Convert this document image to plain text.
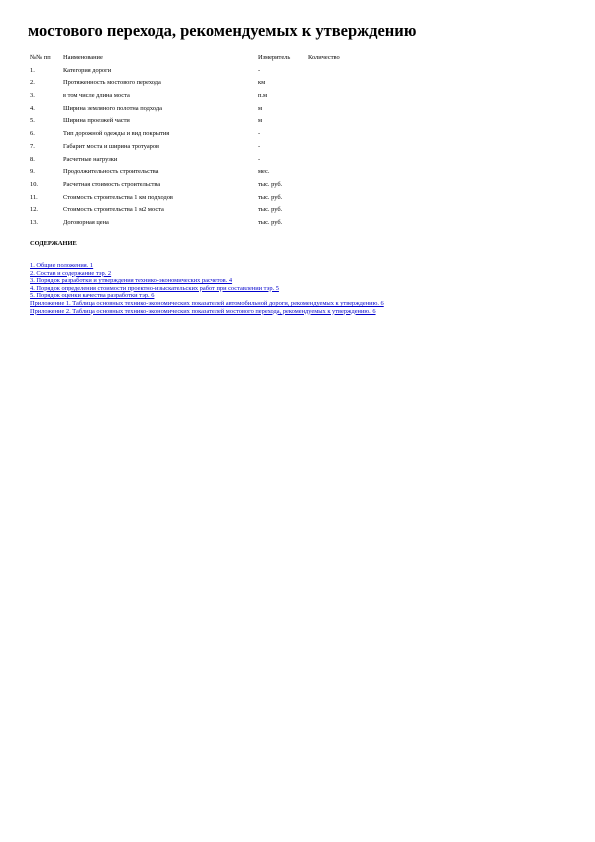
мостового перехода, рекомендуемых к утверждению
№№ пп	Наименование	Измеритель	Количество
1.	Категория дороги	-	
2.	Протяженность мостового перехода	км	
3.	в том числе длина моста	п.м	
4.	Ширина земляного полотна подхода	м	
5.	Ширина проезжей части	м	
6.	Тип дорожной одежды и вид покрытия	-	
7.	Габарит моста и ширина тротуаров	-	
8.	Расчетные нагрузки	-	
9.	Продолжительность строительства	мес.	
10.	Расчетная стоимость строительства	тыс. руб.	
11.	Стоимость строительства 1 км подходов	тыс. руб.	
12.	Стоимость строительства 1 м2 моста	тыс. руб.	
13.	Договорная цена	тыс. руб.	
СОДЕРЖАНИЕ
1. Общие положения. 1
2. Состав и содержание тэр. 2
3. Порядок разработки и утверждения технико-экономических расчетов. 4
4. Порядок определения стоимости проектно-изыскательских работ при составлении тэр. 5
5. Порядок оценки качества разработки тэр. 6
Приложение 1. Таблица основных технико-экономических показателей автомобильной дороги, рекомендуемых к утверждению. 6
Приложение 2. Таблица основных технико-экономических показателей мостового перехода, рекомендуемых к утверждению. 6
